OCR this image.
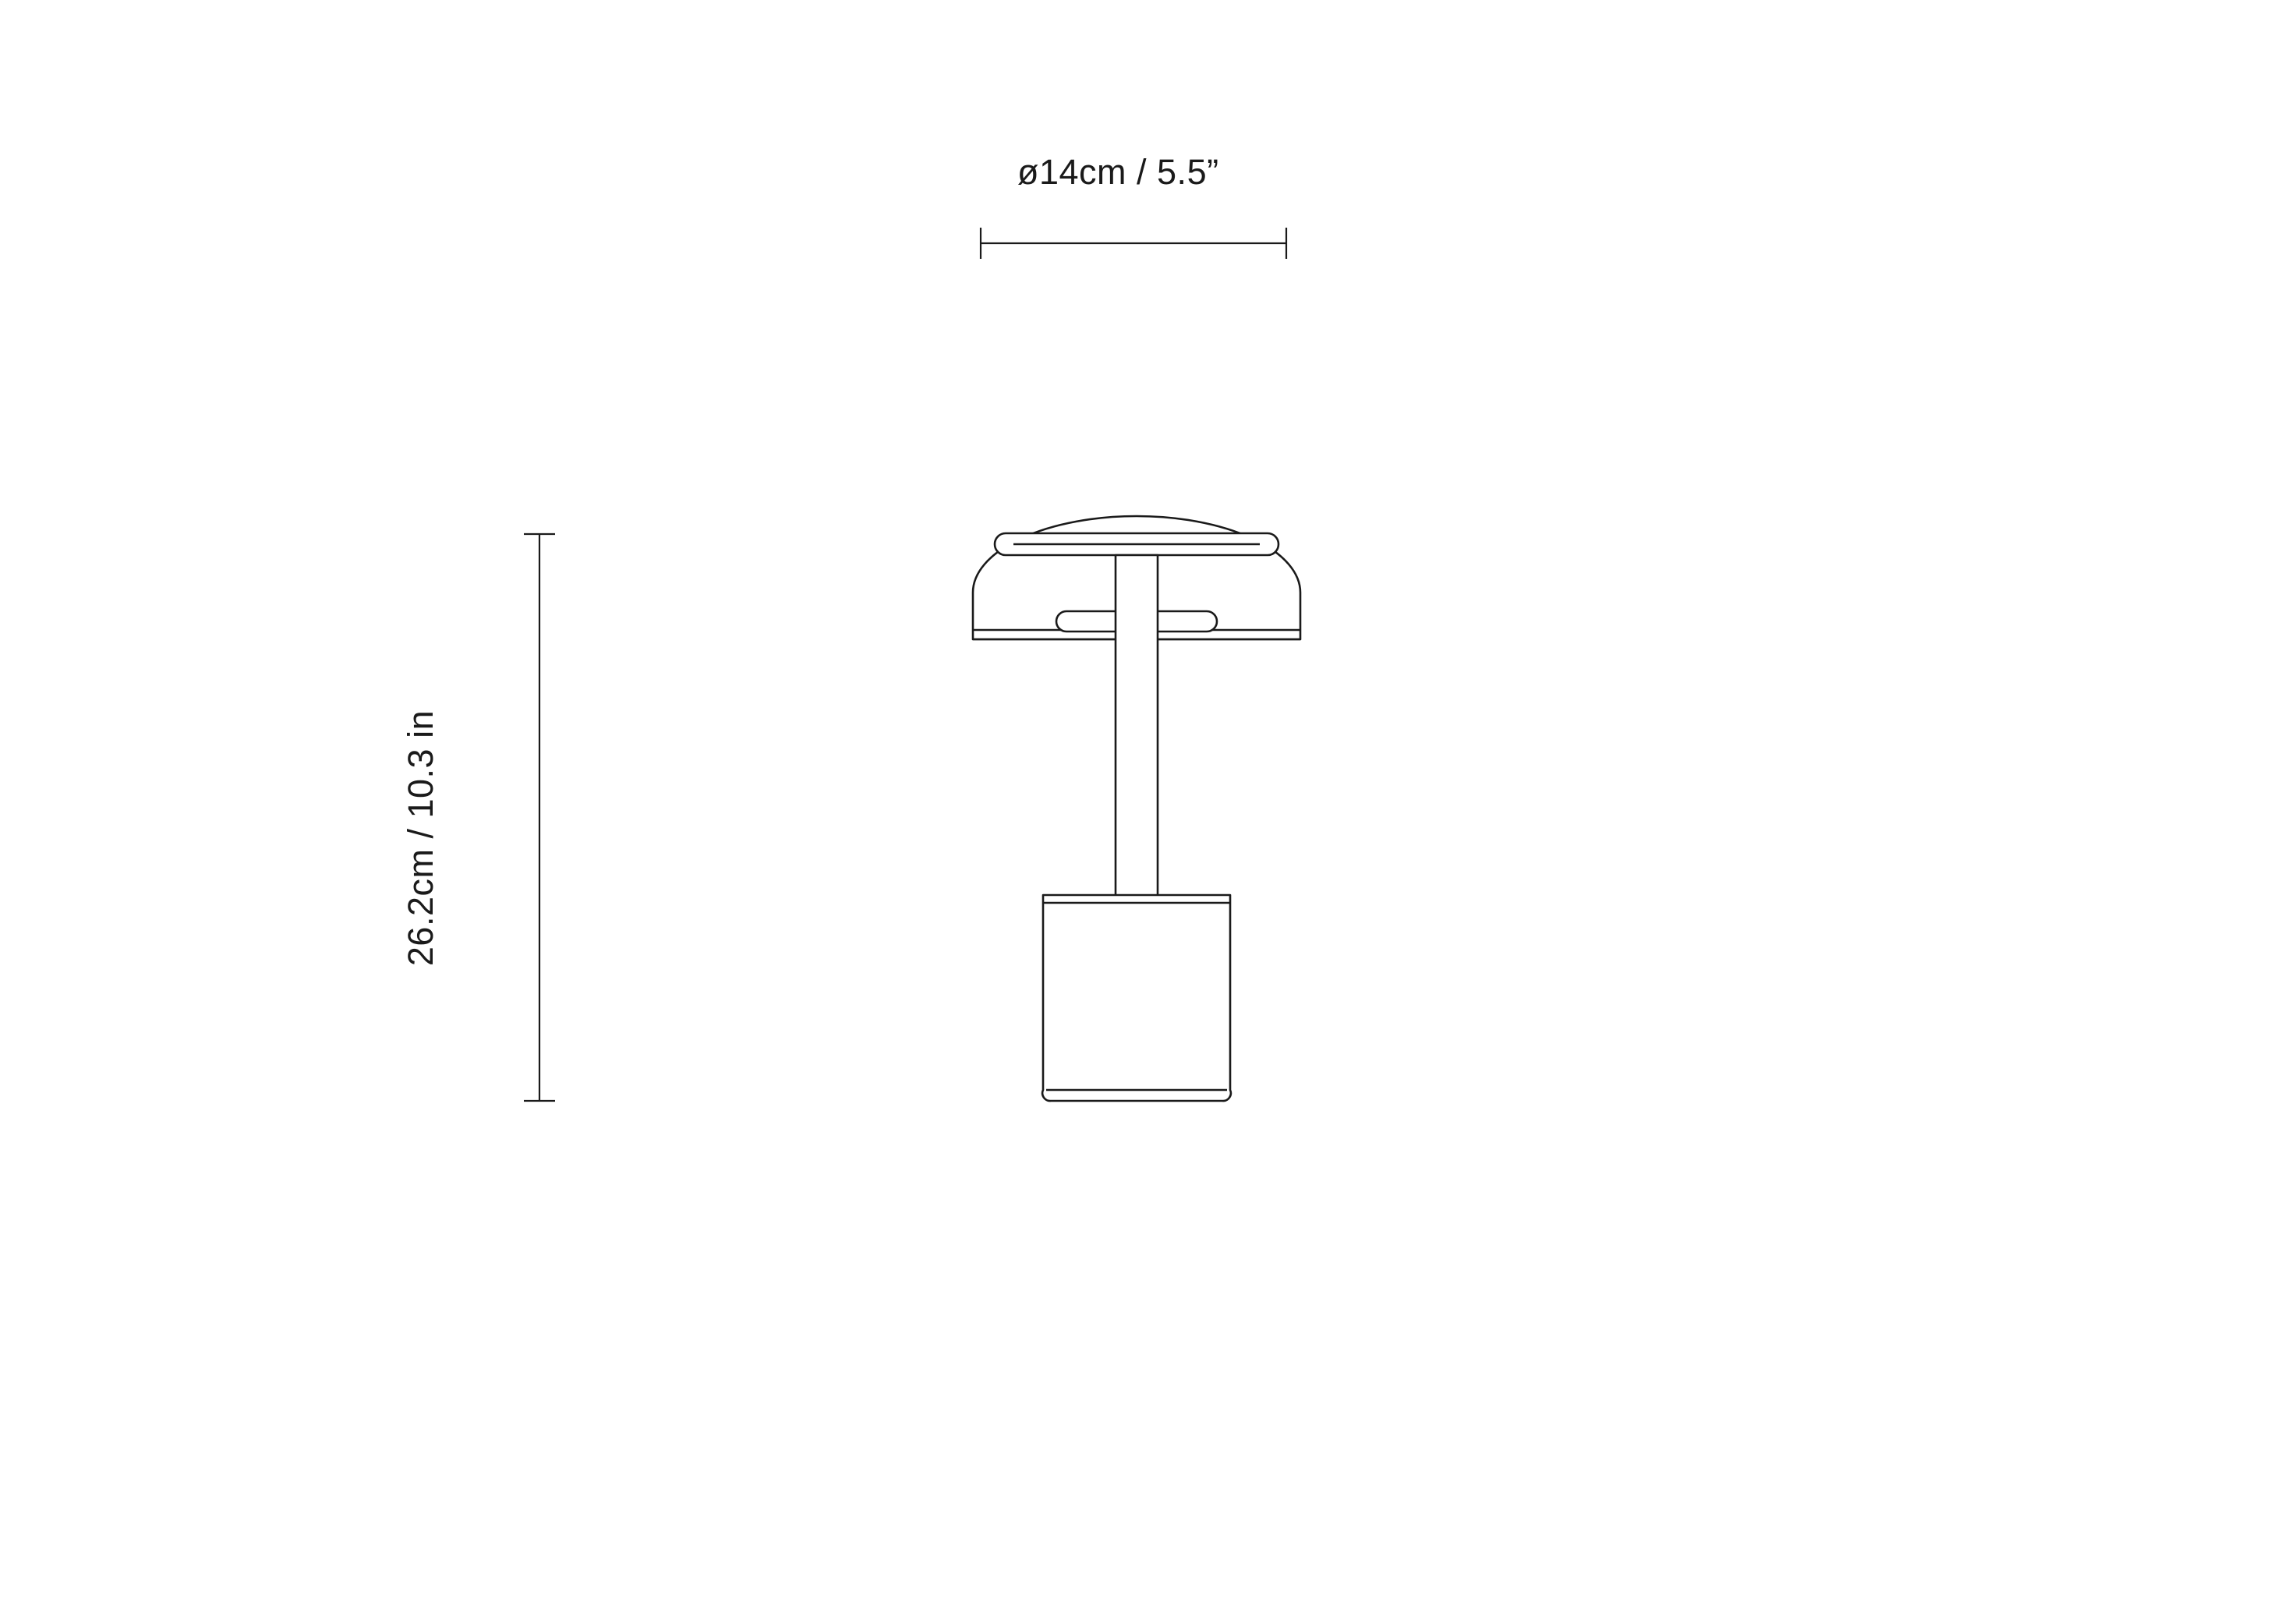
ø14cm / 5.5”
26.2cm / 10.3 in
